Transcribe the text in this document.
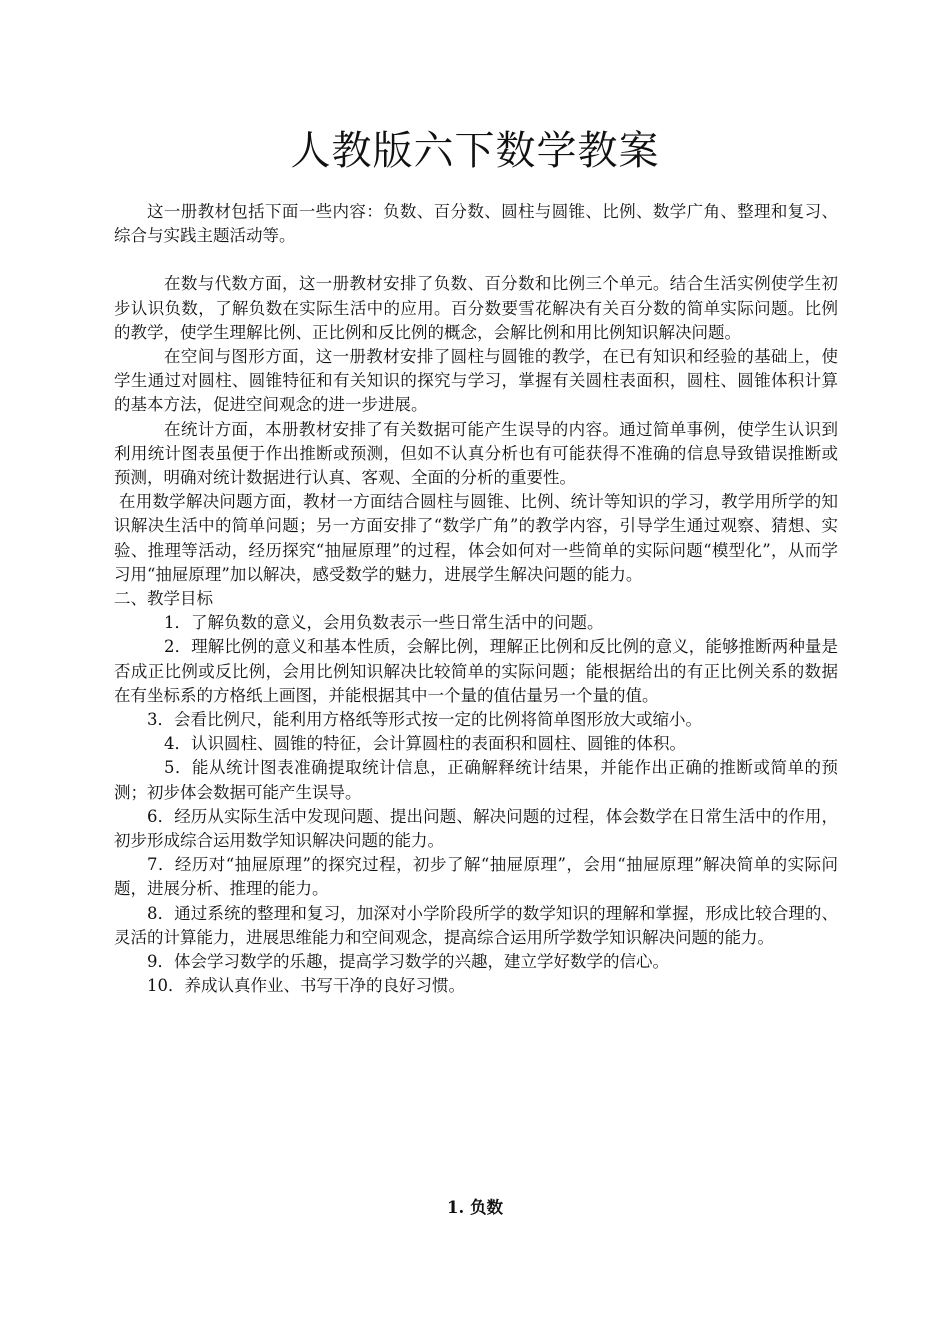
人教版六下数学教案

这一册教材包括下面一些内容：负数、百分数、圆柱与圆锥、比例、数学广角、整理和复习、综合与实践主题活动等。

在数与代数方面，这一册教材安排了负数、百分数和比例三个单元。结合生活实例使学生初步认识负数，了解负数在实际生活中的应用。百分数要雪花解决有关百分数的简单实际问题。比例的教学，使学生理解比例、正比例和反比例的概念，会解比例和用比例知识解决问题。

在空间与图形方面，这一册教材安排了圆柱与圆锥的教学，在已有知识和经验的基础上，使学生通过对圆柱、圆锥特征和有关知识的探究与学习，掌握有关圆柱表面积，圆柱、圆锥体积计算的基本方法，促进空间观念的进一步进展。

在统计方面，本册教材安排了有关数据可能产生误导的内容。通过简单事例，使学生认识到利用统计图表虽便于作出推断或预测，但如不认真分析也有可能获得不准确的信息导致错误推断或预测，明确对统计数据进行认真、客观、全面的分析的重要性。

在用数学解决问题方面，教材一方面结合圆柱与圆锥、比例、统计等知识的学习，教学用所学的知识解决生活中的简单问题；另一方面安排了“数学广角”的教学内容，引导学生通过观察、猜想、实验、推理等活动，经历探究“抽屉原理”的过程，体会如何对一些简单的实际问题“模型化”，从而学习用“抽屉原理”加以解决，感受数学的魅力，进展学生解决问题的能力。

二、教学目标

1．了解负数的意义，会用负数表示一些日常生活中的问题。

2．理解比例的意义和基本性质，会解比例，理解正比例和反比例的意义，能够推断两种量是否成正比例或反比例，会用比例知识解决比较简单的实际问题；能根据给出的有正比例关系的数据在有坐标系的方格纸上画图，并能根据其中一个量的值估量另一个量的值。

3．会看比例尺，能利用方格纸等形式按一定的比例将简单图形放大或缩小。

4．认识圆柱、圆锥的特征，会计算圆柱的表面积和圆柱、圆锥的体积。

5．能从统计图表准确提取统计信息，正确解释统计结果，并能作出正确的推断或简单的预测；初步体会数据可能产生误导。

6．经历从实际生活中发现问题、提出问题、解决问题的过程，体会数学在日常生活中的作用，初步形成综合运用数学知识解决问题的能力。

7．经历对“抽屉原理”的探究过程，初步了解“抽屉原理”，会用“抽屉原理”解决简单的实际问题，进展分析、推理的能力。

8．通过系统的整理和复习，加深对小学阶段所学的数学知识的理解和掌握，形成比较合理的、灵活的计算能力，进展思维能力和空间观念，提高综合运用所学数学知识解决问题的能力。

9．体会学习数学的乐趣，提高学习数学的兴趣，建立学好数学的信心。

10．养成认真作业、书写干净的良好习惯。

1. 负数
